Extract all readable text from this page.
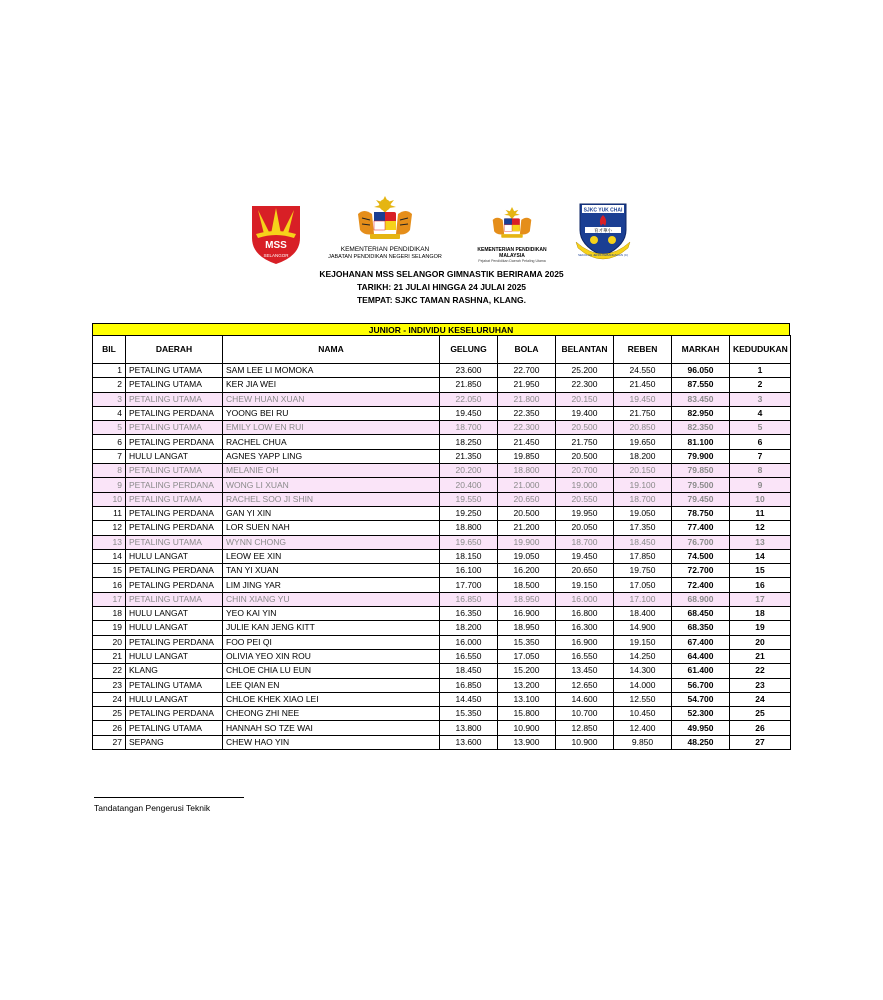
MSS
SELANGOR
KEMENTERIAN PENDIDIKAN
JABATAN PENDIDIKAN NEGERI SELANGOR
KEMENTERIAN PENDIDIKAN MALAYSIA
Pejabat Pendidikan Daerah Petaling Utama
SJKC YUK CHAI
育才華小
SEKOLAH JENIS KEBANGSAAN (C)
KEJOHANAN MSS SELANGOR GIMNASTIK BERIRAMA 2025
TARIKH: 21 JULAI HINGGA 24 JULAI 2025
TEMPAT: SJKC TAMAN RASHNA, KLANG.
JUNIOR - INDIVIDU KESELURUHAN
BIL	DAERAH	NAMA	GELUNG	BOLA	BELANTAN	REBEN	MARKAH	KEDUDUKAN
1	PETALING UTAMA	SAM LEE LI MOMOKA	23.600	22.700	25.200	24.550	96.050	1
2	PETALING UTAMA	KER JIA WEI	21.850	21.950	22.300	21.450	87.550	2
3	PETALING UTAMA	CHEW HUAN XUAN	22.050	21.800	20.150	19.450	83.450	3
4	PETALING PERDANA	YOONG BEI RU	19.450	22.350	19.400	21.750	82.950	4
5	PETALING UTAMA	EMILY LOW EN RUI	18.700	22.300	20.500	20.850	82.350	5
6	PETALING PERDANA	RACHEL CHUA	18.250	21.450	21.750	19.650	81.100	6
7	HULU LANGAT	AGNES YAPP LING	21.350	19.850	20.500	18.200	79.900	7
8	PETALING UTAMA	MELANIE OH	20.200	18.800	20.700	20.150	79.850	8
9	PETALING PERDANA	WONG LI XUAN	20.400	21.000	19.000	19.100	79.500	9
10	PETALING UTAMA	RACHEL SOO JI SHIN	19.550	20.650	20.550	18.700	79.450	10
11	PETALING PERDANA	GAN YI XIN	19.250	20.500	19.950	19.050	78.750	11
12	PETALING PERDANA	LOR SUEN NAH	18.800	21.200	20.050	17.350	77.400	12
13	PETALING UTAMA	WYNN CHONG	19.650	19.900	18.700	18.450	76.700	13
14	HULU LANGAT	LEOW EE XIN	18.150	19.050	19.450	17.850	74.500	14
15	PETALING PERDANA	TAN YI XUAN	16.100	16.200	20.650	19.750	72.700	15
16	PETALING PERDANA	LIM JING YAR	17.700	18.500	19.150	17.050	72.400	16
17	PETALING UTAMA	CHIN XIANG YU	16.850	18.950	16.000	17.100	68.900	17
18	HULU LANGAT	YEO KAI YIN	16.350	16.900	16.800	18.400	68.450	18
19	HULU LANGAT	JULIE KAN JENG KITT	18.200	18.950	16.300	14.900	68.350	19
20	PETALING PERDANA	FOO PEI QI	16.000	15.350	16.900	19.150	67.400	20
21	HULU LANGAT	OLIVIA YEO XIN ROU	16.550	17.050	16.550	14.250	64.400	21
22	KLANG	CHLOE CHIA LU EUN	18.450	15.200	13.450	14.300	61.400	22
23	PETALING UTAMA	LEE QIAN EN	16.850	13.200	12.650	14.000	56.700	23
24	HULU LANGAT	CHLOE KHEK XIAO LEI	14.450	13.100	14.600	12.550	54.700	24
25	PETALING PERDANA	CHEONG ZHI NEE	15.350	15.800	10.700	10.450	52.300	25
26	PETALING UTAMA	HANNAH SO TZE WAI	13.800	10.900	12.850	12.400	49.950	26
27	SEPANG	CHEW HAO YIN	13.600	13.900	10.900	9.850	48.250	27
Tandatangan Pengerusi Teknik
